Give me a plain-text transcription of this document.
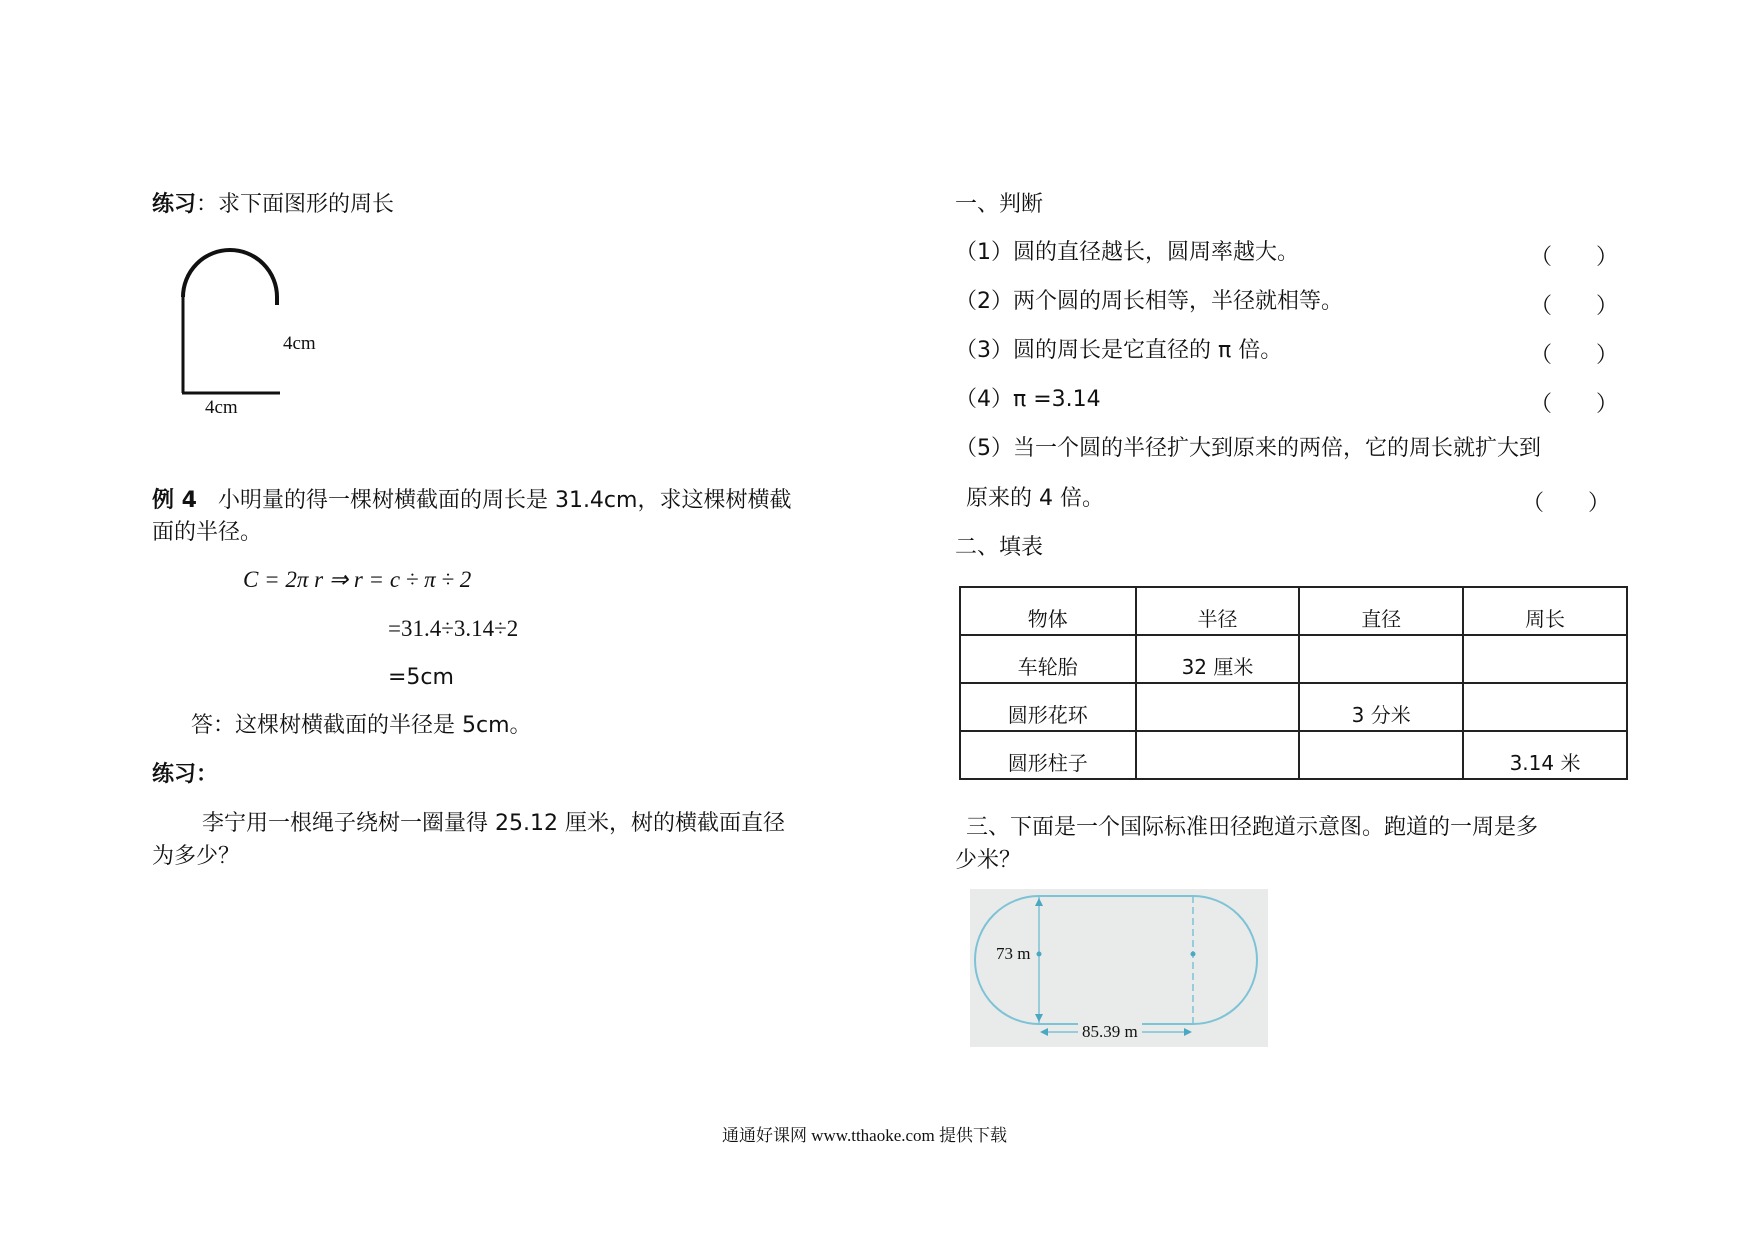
练习：求下面图形的周长
4cm
4cm
例 4 小明量的得一棵树横截面的周长是 31.4cm，求这棵树横截
面的半径。
C = 2π r ⇒ r = c ÷ π ÷ 2
=31.4÷3.14÷2
=5cm
答：这棵树横截面的半径是 5cm。
练习：
李宁用一根绳子绕树一圈量得 25.12 厘米，树的横截面直径
为多少？
一、判断
（1）圆的直径越长，圆周率越大。	（　　）
（2）两个圆的周长相等，半径就相等。	（　　）
（3）圆的周长是它直径的 π 倍。	（　　）
（4）π =3.14	（　　）
（5）当一个圆的半径扩大到原来的两倍，它的周长就扩大到
原来的 4 倍。	（　　）
二、填表
物体	半径	直径	周长
车轮胎	32 厘米		
圆形花环		3 分米	
圆形柱子			3.14 米
三、下面是一个国际标准田径跑道示意图。跑道的一周是多
少米？
73 m
85.39 m
通通好课网 www.tthaoke.com 提供下载
